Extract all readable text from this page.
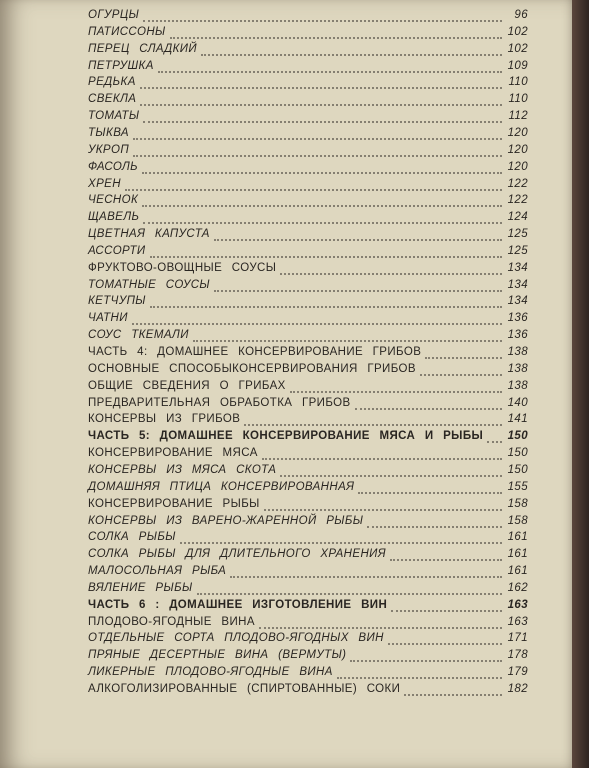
ОГУРЦЫ	96
ПАТИССОНЫ	102
ПЕРЕЦ СЛАДКИЙ	102
ПЕТРУШКА	109
РЕДЬКА	110
СВЕКЛА	110
ТОМАТЫ	112
ТЫКВА	120
УКРОП	120
ФАСОЛЬ	120
ХРЕН	122
ЧЕСНОК	122
ЩАВЕЛЬ	124
ЦВЕТНАЯ КАПУСТА	125
АССОРТИ	125
ФРУКТОВО-ОВОЩНЫЕ СОУСЫ	134
ТОМАТНЫЕ СОУСЫ	134
КЕТЧУПЫ	134
ЧАТНИ	136
СОУС ТКЕМАЛИ	136
ЧАСТЬ 4: ДОМАШНЕЕ КОНСЕРВИРОВАНИЕ ГРИБОВ	138
ОСНОВНЫЕ СПОСОБЫКОНСЕРВИРОВАНИЯ ГРИБОВ	138
ОБЩИЕ СВЕДЕНИЯ О ГРИБАХ	138
ПРЕДВАРИТЕЛЬНАЯ ОБРАБОТКА ГРИБОВ	140
КОНСЕРВЫ ИЗ ГРИБОВ	141
ЧАСТЬ 5: ДОМАШНЕЕ КОНСЕРВИРОВАНИЕ МЯСА И РЫБЫ 150
КОНСЕРВИРОВАНИЕ МЯСА	150
КОНСЕРВЫ ИЗ МЯСА СКОТА	150
ДОМАШНЯЯ ПТИЦА КОНСЕРВИРОВАННАЯ	155
КОНСЕРВИРОВАНИЕ РЫБЫ	158
КОНСЕРВЫ ИЗ ВАРЕНО-ЖАРЕННОЙ РЫБЫ	158
СОЛКА РЫБЫ	161
СОЛКА РЫБЫ ДЛЯ ДЛИТЕЛЬНОГО ХРАНЕНИЯ	161
МАЛОСОЛЬНАЯ РЫБА	161
ВЯЛЕНИЕ РЫБЫ	162
ЧАСТЬ 6 : ДОМАШНЕЕ ИЗГОТОВЛЕНИЕ ВИН	163
ПЛОДОВО-ЯГОДНЫЕ ВИНА	163
ОТДЕЛЬНЫЕ СОРТА ПЛОДОВО-ЯГОДНЫХ ВИН	171
ПРЯНЫЕ ДЕСЕРТНЫЕ ВИНА (ВЕРМУТЫ)	178
ЛИКЕРНЫЕ ПЛОДОВО-ЯГОДНЫЕ ВИНА	179
АЛКОГОЛИЗИРОВАННЫЕ (СПИРТОВАННЫЕ) СОКИ	182
